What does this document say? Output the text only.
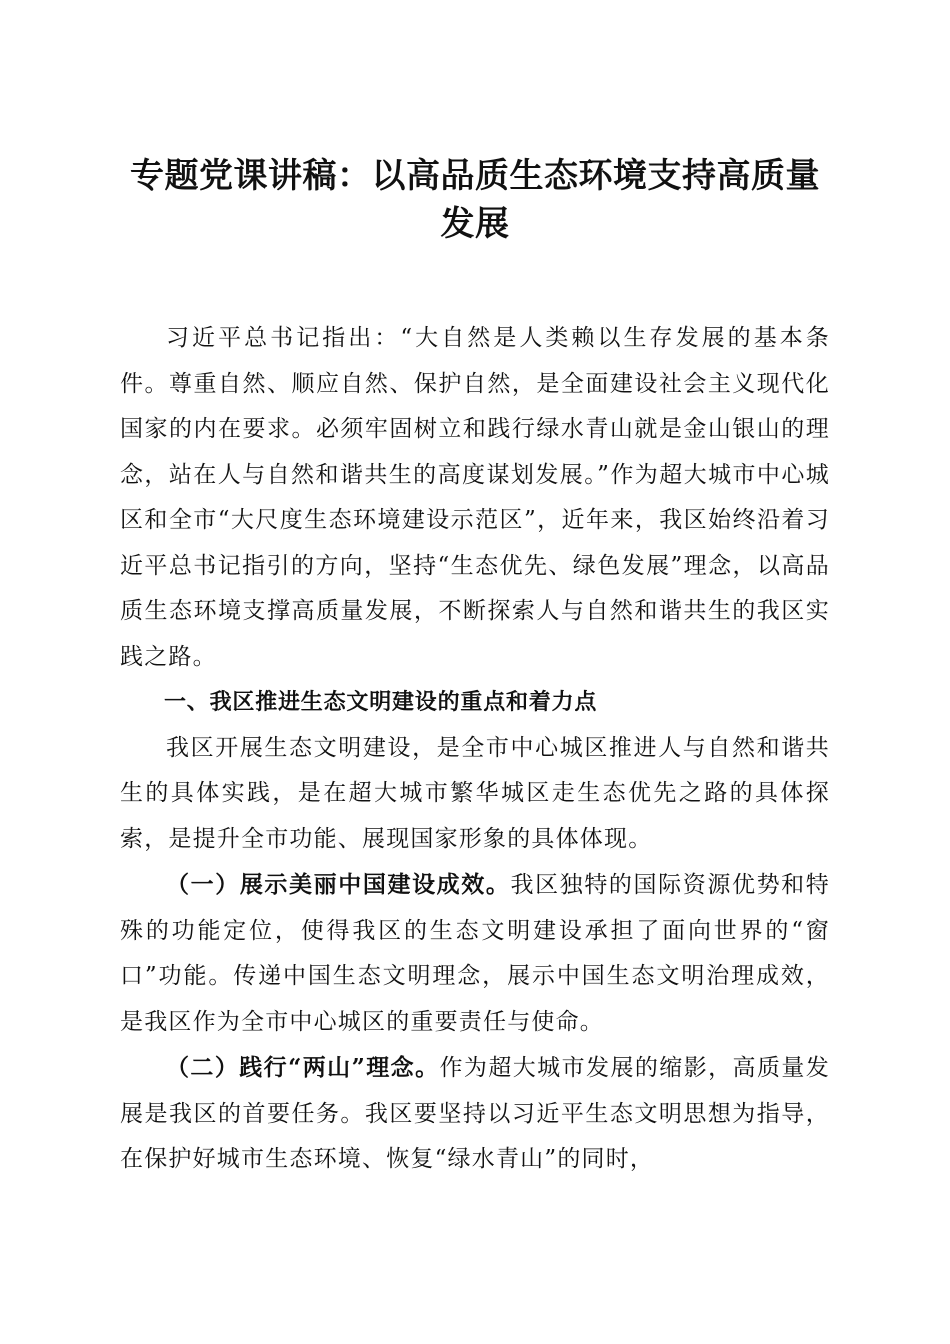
专题党课讲稿：以高品质生态环境支持高质量
发展

习近平总书记指出：“大自然是人类赖以生存发展的基本条件。尊重自然、顺应自然、保护自然，是全面建设社会主义现代化国家的内在要求。必须牢固树立和践行绿水青山就是金山银山的理念，站在人与自然和谐共生的高度谋划发展。”作为超大城市中心城区和全市“大尺度生态环境建设示范区”，近年来，我区始终沿着习近平总书记指引的方向，坚持“生态优先、绿色发展”理念，以高品质生态环境支撑高质量发展，不断探索人与自然和谐共生的我区实践之路。

一、我区推进生态文明建设的重点和着力点

我区开展生态文明建设，是全市中心城区推进人与自然和谐共生的具体实践，是在超大城市繁华城区走生态优先之路的具体探索，是提升全市功能、展现国家形象的具体体现。

（一）展示美丽中国建设成效。我区独特的国际资源优势和特殊的功能定位，使得我区的生态文明建设承担了面向世界的“窗口”功能。传递中国生态文明理念，展示中国生态文明治理成效，是我区作为全市中心城区的重要责任与使命。

（二）践行“两山”理念。作为超大城市发展的缩影，高质量发展是我区的首要任务。我区要坚持以习近平生态文明思想为指导，在保护好城市生态环境、恢复“绿水青山”的同时，
